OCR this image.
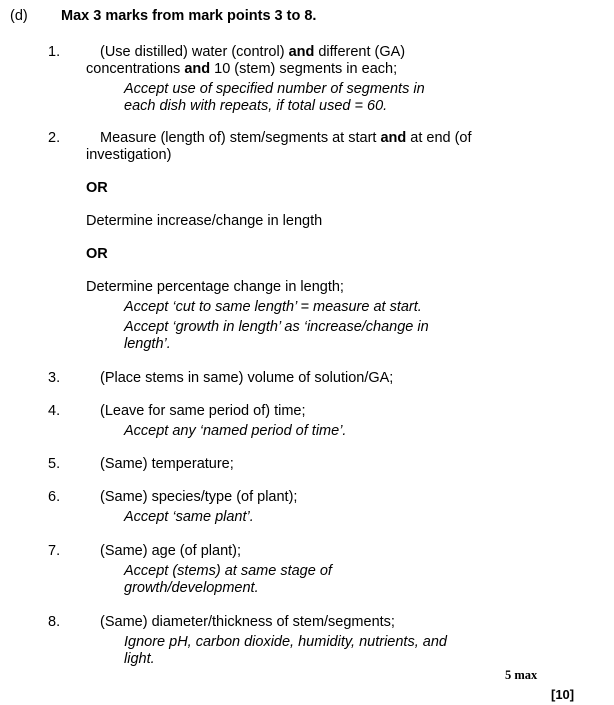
(d) Max 3 marks from mark points 3 to 8.
1.	(Use distilled) water (control) and different (GA)
concentrations and 10 (stem) segments in each;
Accept use of specified number of segments in
each dish with repeats, if total used = 60.
2.	Measure (length of) stem/segments at start and at end (of
investigation)
OR
Determine increase/change in length
OR
Determine percentage change in length;
Accept ‘cut to same length’ = measure at start.
Accept ‘growth in length’ as ‘increase/change in
length’.
3.	(Place stems in same) volume of solution/GA;
4.	(Leave for same period of) time;
Accept any ‘named period of time’.
5.	(Same) temperature;
6.	(Same) species/type (of plant);
Accept ‘same plant’.
7.	(Same) age (of plant);
Accept (stems) at same stage of
growth/development.
8.	(Same) diameter/thickness of stem/segments;
Ignore pH, carbon dioxide, humidity, nutrients, and
light.
5 max
[10]
